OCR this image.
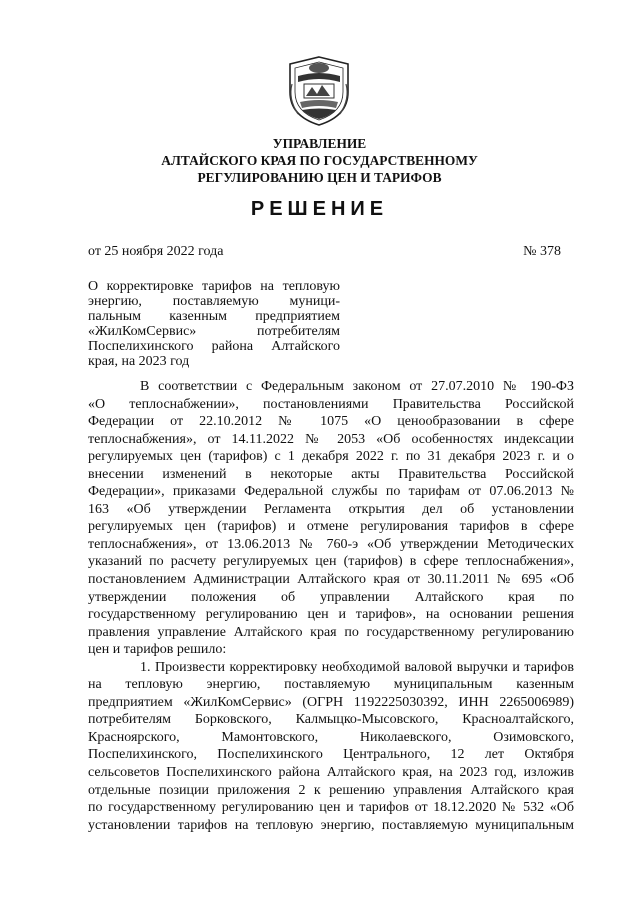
УПРАВЛЕНИЕ
АЛТАЙСКОГО КРАЯ ПО ГОСУДАРСТВЕННОМУ
РЕГУЛИРОВАНИЮ ЦЕН И ТАРИФОВ
РЕШЕНИЕ
от 25 ноября 2022 года	№ 378
О корректировке тарифов на тепловую
энергию, поставляемую муници-
пальным казенным предприятием
«ЖилКомСервис» потребителям
Поспелихинского района Алтайского
края, на 2023 год
В соответствии с Федеральным законом от 27.07.2010 № 190-ФЗ
«О теплоснабжении», постановлениями Правительства Российской
Федерации от 22.10.2012 № 1075 «О ценообразовании в сфере
теплоснабжения», от 14.11.2022 № 2053 «Об особенностях индексации
регулируемых цен (тарифов) с 1 декабря 2022 г. по 31 декабря 2023 г. и о
внесении изменений в некоторые акты Правительства Российской
Федерации», приказами Федеральной службы по тарифам от 07.06.2013 №
163 «Об утверждении Регламента открытия дел об установлении
регулируемых цен (тарифов) и отмене регулирования тарифов в сфере
теплоснабжения», от 13.06.2013 № 760-э «Об утверждении Методических
указаний по расчету регулируемых цен (тарифов) в сфере теплоснабжения»,
постановлением Администрации Алтайского края от 30.11.2011 № 695 «Об
утверждении положения об управлении Алтайского края по
государственному регулированию цен и тарифов», на основании решения
правления управление Алтайского края по государственному регулированию
цен и тарифов решило:
1. Произвести корректировку необходимой валовой выручки и тарифов
на тепловую энергию, поставляемую муниципальным казенным
предприятием «ЖилКомСервис» (ОГРН 1192225030392, ИНН 2265006989)
потребителям Борковского, Калмыцко-Мысовского, Красноалтайского,
Красноярского, Мамонтовского, Николаевского, Озимовского,
Поспелихинского, Поспелихинского Центрального, 12 лет Октября
сельсоветов Поспелихинского района Алтайского края, на 2023 год, изложив
отдельные позиции приложения 2 к решению управления Алтайского края
по государственному регулированию цен и тарифов от 18.12.2020 № 532 «Об
установлении тарифов на тепловую энергию, поставляемую муниципальным
